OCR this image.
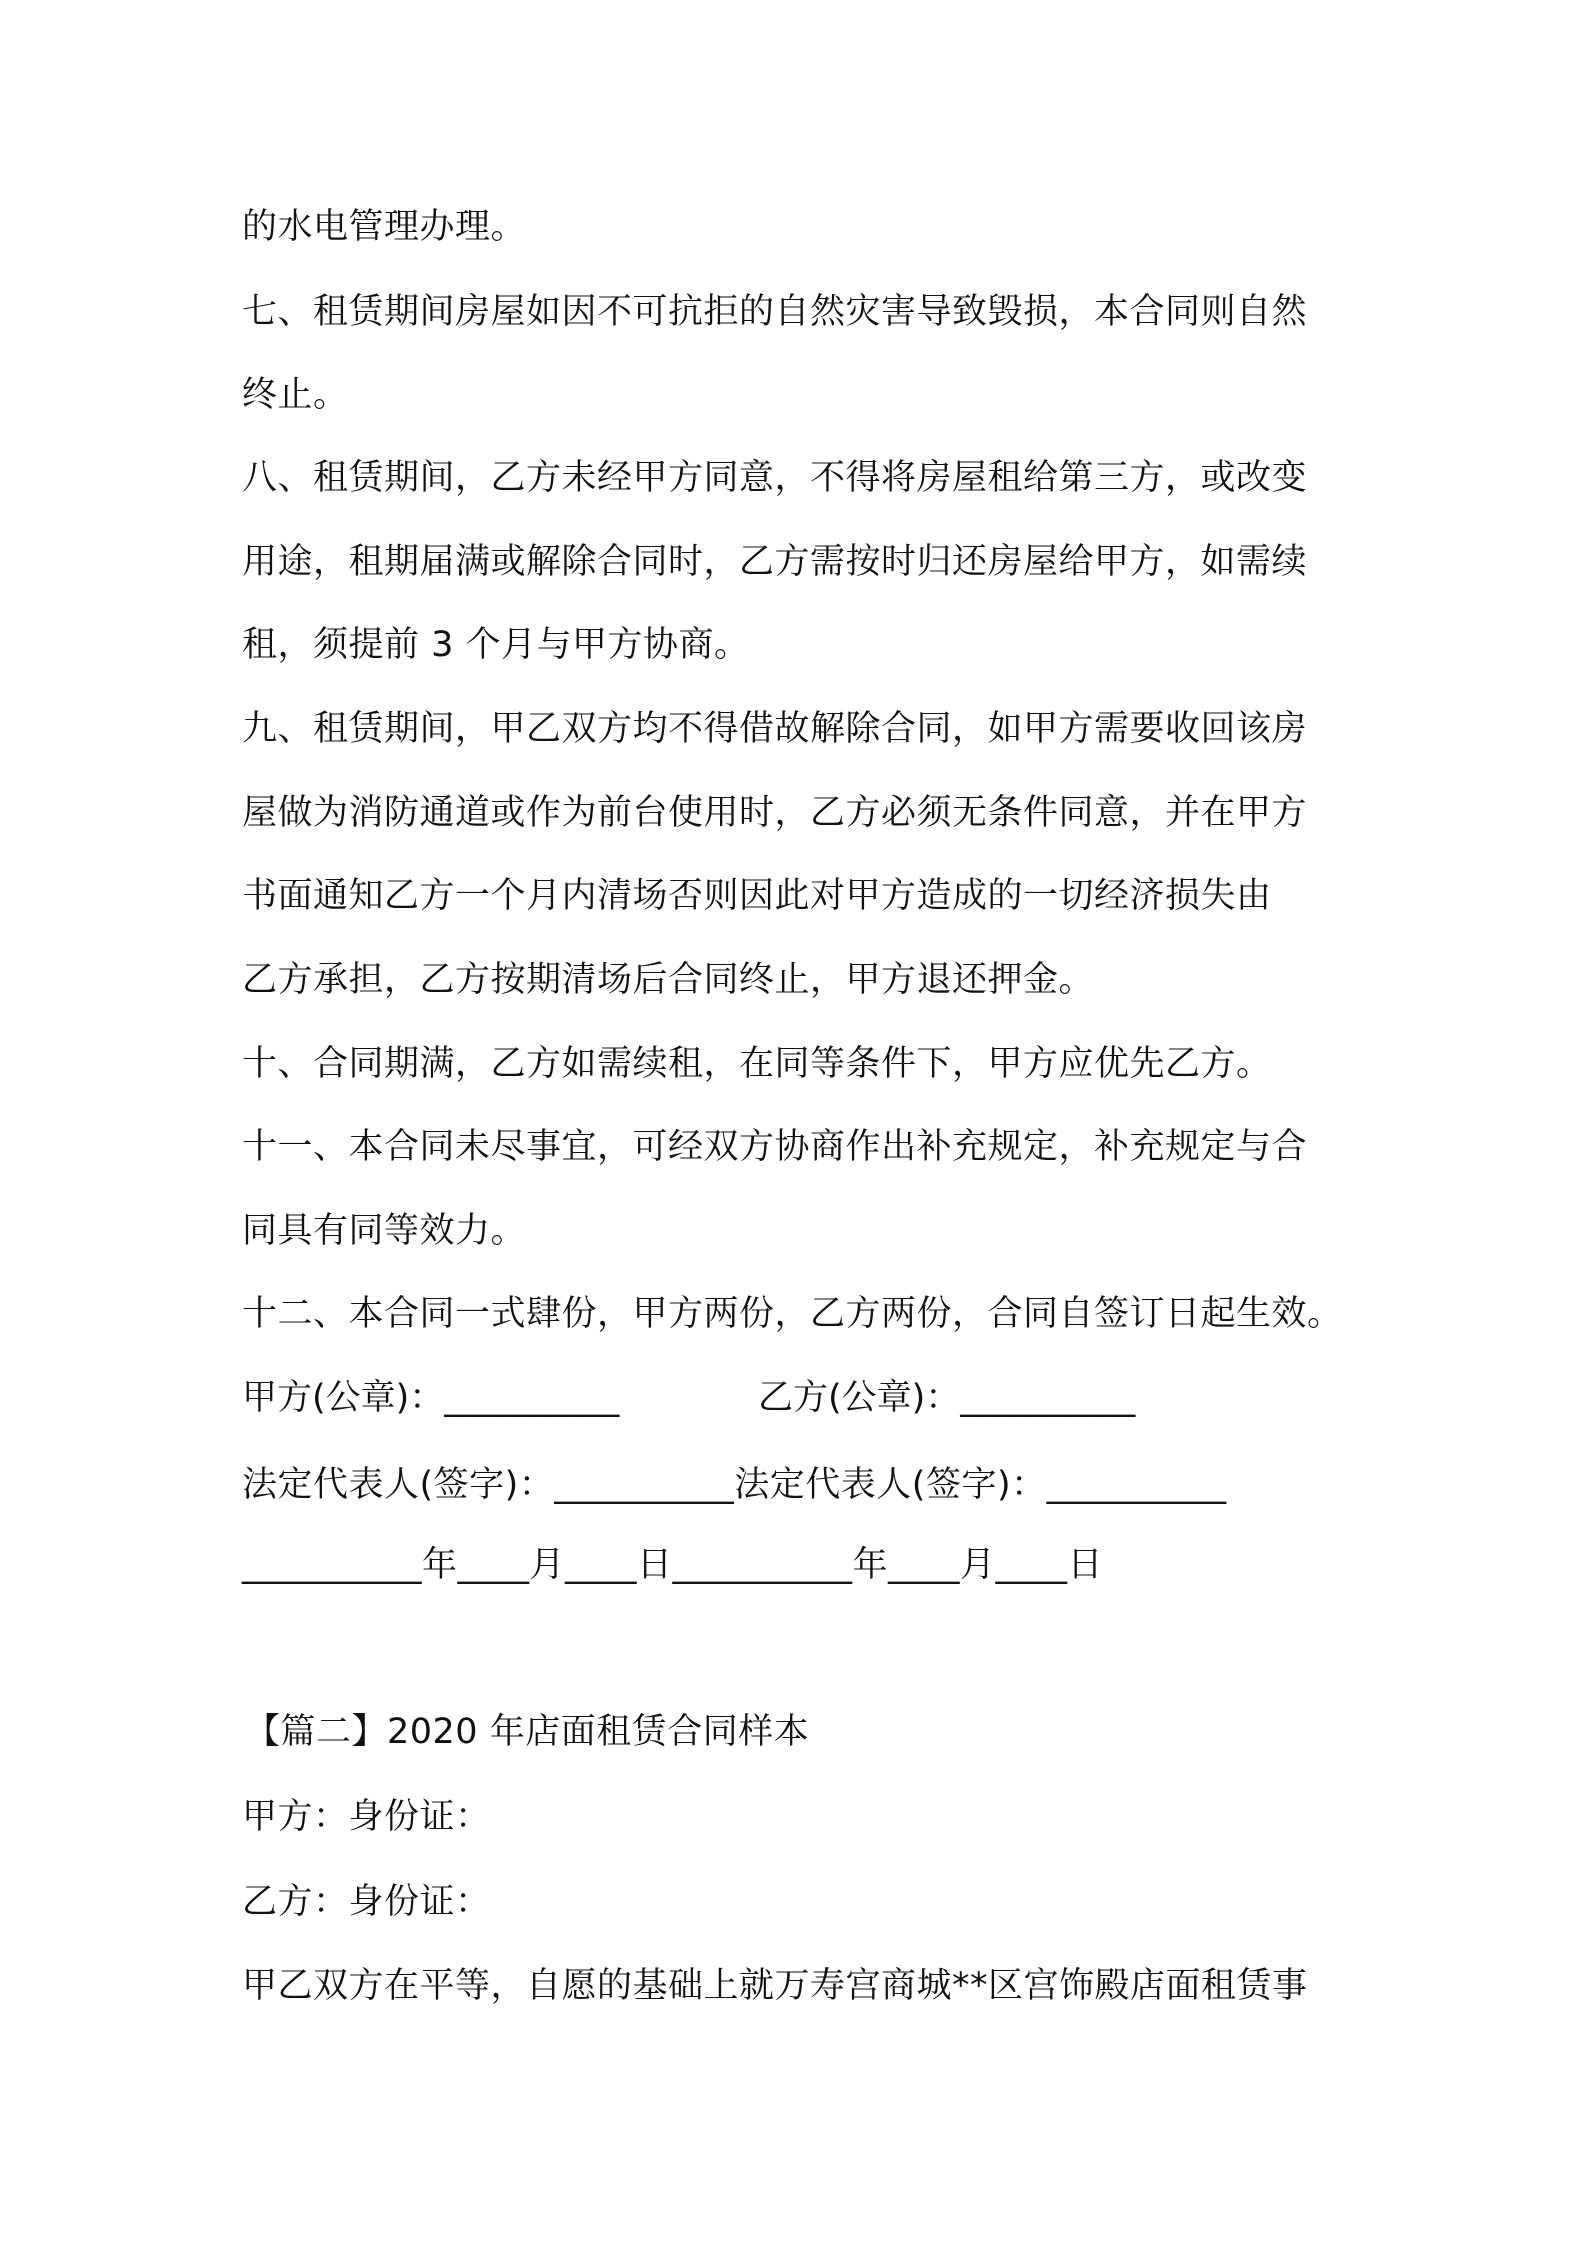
的水电管理办理。
七、租赁期间房屋如因不可抗拒的自然灾害导致毁损，本合同则自然
终止。
八、租赁期间，乙方未经甲方同意，不得将房屋租给第三方，或改变
用途，租期届满或解除合同时，乙方需按时归还房屋给甲方，如需续
租，须提前 3 个月与甲方协商。
九、租赁期间，甲乙双方均不得借故解除合同，如甲方需要收回该房
屋做为消防通道或作为前台使用时，乙方必须无条件同意，并在甲方
书面通知乙方一个月内清场否则因此对甲方造成的一切经济损失由
乙方承担，乙方按期清场后合同终止，甲方退还押金。
十、合同期满，乙方如需续租，在同等条件下，甲方应优先乙方。
十一、本合同未尽事宜，可经双方协商作出补充规定，补充规定与合
同具有同等效力。
十二、本合同一式肆份，甲方两份，乙方两份，合同自签订日起生效。
甲方(公章)：__________	乙方(公章)：__________
法定代表人(签字)：__________法定代表人(签字)：__________
__________年____月____日__________年____月____日
【篇二】2020 年店面租赁合同样本
甲方：身份证：
乙方：身份证：
甲乙双方在平等，自愿的基础上就万寿宫商城**区宫饰殿店面租赁事
